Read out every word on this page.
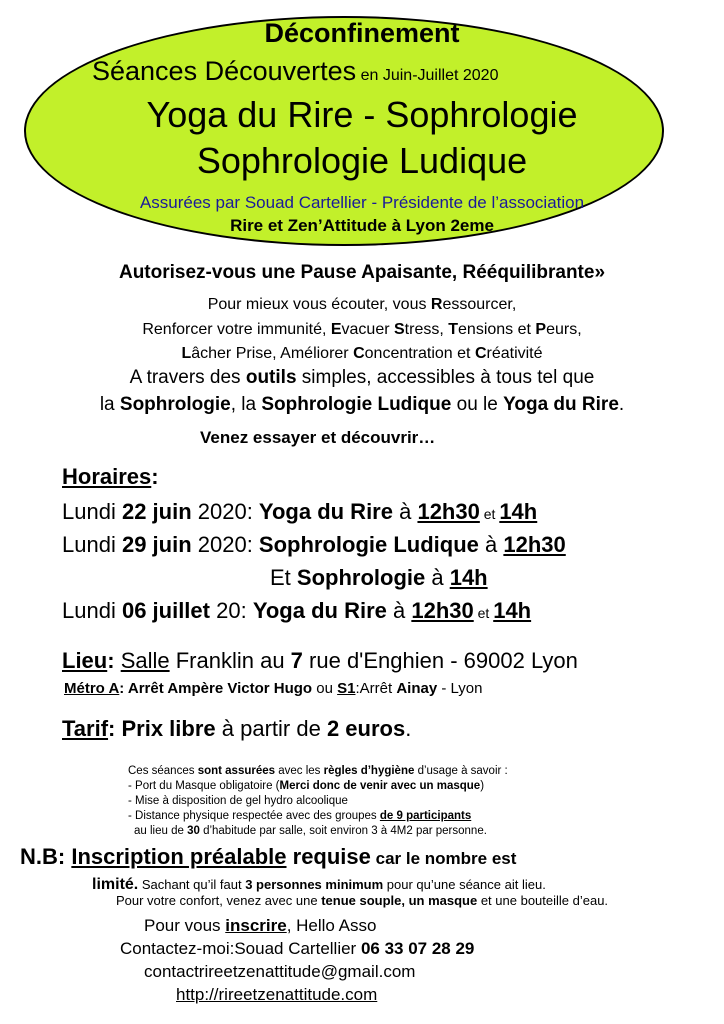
Déconfinement
Séances Découvertes en Juin-Juillet 2020
Yoga du Rire - Sophrologie
Sophrologie Ludique
Assurées par Souad Cartellier - Présidente de l’association
Rire et Zen’Attitude à Lyon 2eme
Autorisez-vous une Pause Apaisante, Rééquilibrante»
Pour mieux vous écouter, vous Ressourcer,
Renforcer votre immunité, Evacuer Stress, Tensions et Peurs,
Lâcher Prise, Améliorer Concentration et Créativité
A travers des outils simples, accessibles à tous tel que
la Sophrologie, la Sophrologie Ludique ou le Yoga du Rire.
Venez essayer et découvrir…
Horaires:
Lundi 22 juin 2020: Yoga du Rire à 12h30 et 14h
Lundi 29 juin 2020: Sophrologie Ludique à 12h30
Et Sophrologie à 14h
Lundi 06 juillet 20: Yoga du Rire à 12h30 et 14h
Lieu: Salle Franklin au 7 rue d'Enghien - 69002 Lyon
Métro A: Arrêt Ampère Victor Hugo ou S1:Arrêt Ainay - Lyon
Tarif: Prix libre à partir de 2 euros.
Ces séances sont assurées avec les règles d’hygiène d’usage à savoir :
- Port du Masque obligatoire (Merci donc de venir avec un masque)
- Mise à disposition de gel hydro alcoolique
- Distance physique respectée avec des groupes de 9 participants
au lieu de 30 d’habitude par salle, soit environ 3 à 4M2 par personne.
N.B: Inscription préalable requise car le nombre est
limité. Sachant qu’il faut 3 personnes minimum pour qu’une séance ait lieu.
Pour votre confort, venez avec une tenue souple, un masque et une bouteille d’eau.
Pour vous inscrire, Hello Asso
Contactez-moi:Souad Cartellier 06 33 07 28 29
contactrireetzenattitude@gmail.com
http://rireetzenattitude.com
